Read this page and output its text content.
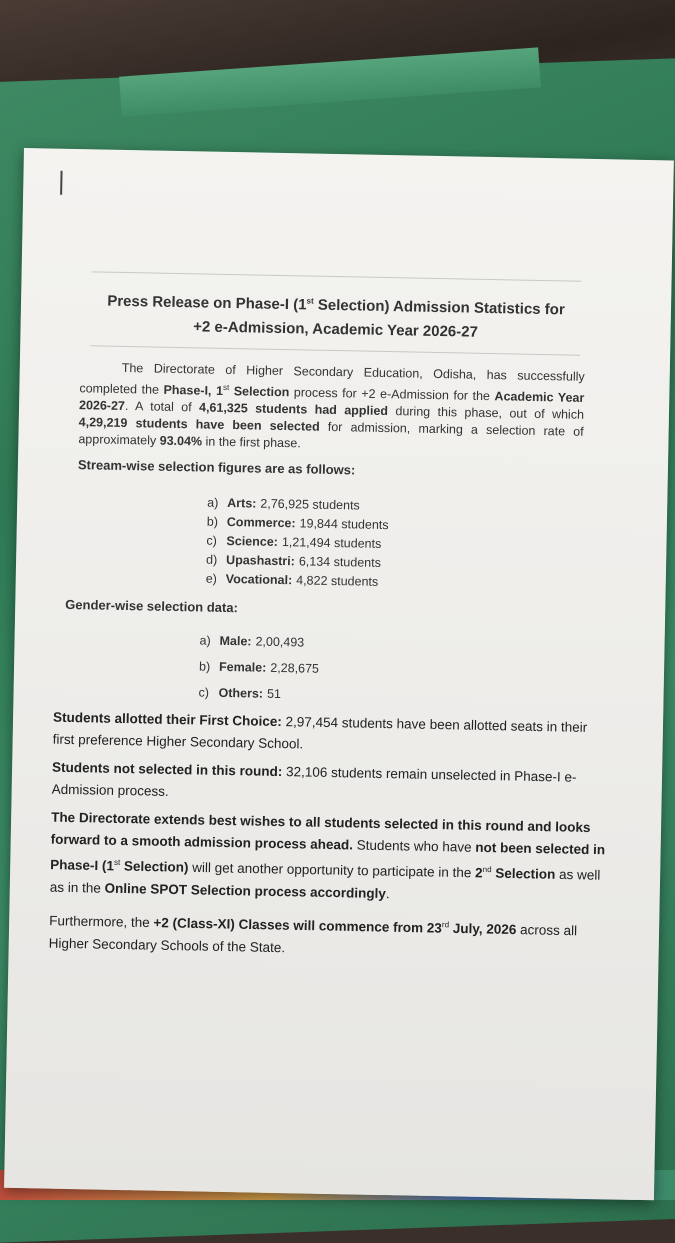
Press Release on Phase-I (1st Selection) Admission Statistics for
+2 e-Admission, Academic Year 2026-27
The Directorate of Higher Secondary Education, Odisha, has successfully completed the Phase-I, 1st Selection process for +2 e-Admission for the Academic Year 2026-27. A total of 4,61,325 students had applied during this phase, out of which 4,29,219 students have been selected for admission, marking a selection rate of approximately 93.04% in the first phase.
Stream-wise selection figures are as follows:
a) Arts: 2,76,925 students
b) Commerce: 19,844 students
c) Science: 1,21,494 students
d) Upashastri: 6,134 students
e) Vocational: 4,822 students
Gender-wise selection data:
a) Male: 2,00,493
b) Female: 2,28,675
c) Others: 51
Students allotted their First Choice: 2,97,454 students have been allotted seats in their first preference Higher Secondary School.
Students not selected in this round: 32,106 students remain unselected in Phase-I e-Admission process.
The Directorate extends best wishes to all students selected in this round and looks forward to a smooth admission process ahead. Students who have not been selected in Phase-I (1st Selection) will get another opportunity to participate in the 2nd Selection as well as in the Online SPOT Selection process accordingly.
Furthermore, the +2 (Class-XI) Classes will commence from 23rd July, 2026 across all Higher Secondary Schools of the State.
